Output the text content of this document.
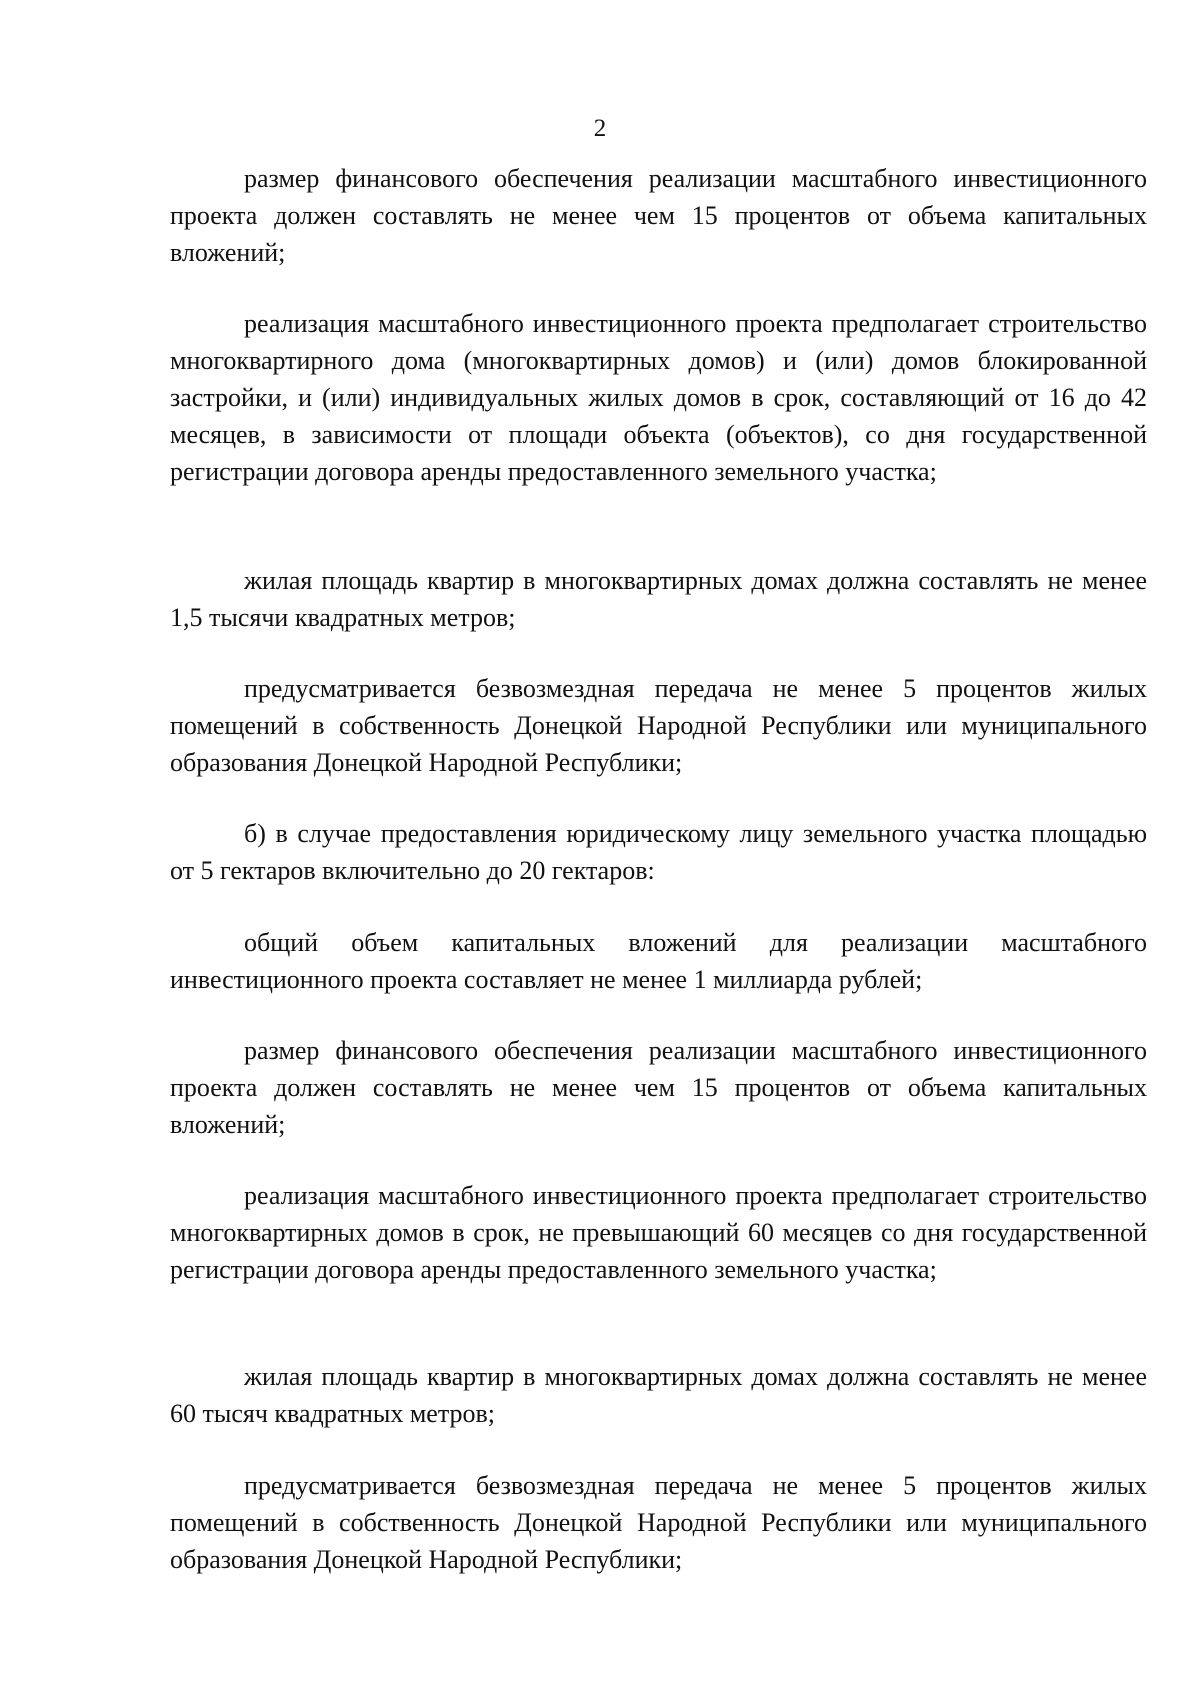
2

размер финансового обеспечения реализации масштабного инвестиционного проекта должен составлять не менее чем 15 процентов от объема капитальных вложений;

реализация масштабного инвестиционного проекта предполагает строительство многоквартирного дома (многоквартирных домов) и (или) домов блокированной застройки, и (или) индивидуальных жилых домов в срок, составляющий от 16 до 42 месяцев, в зависимости от площади объекта (объектов), со дня государственной регистрации договора аренды предоставленного земельного участка;

жилая площадь квартир в многоквартирных домах должна составлять не менее 1,5 тысячи квадратных метров;

предусматривается безвозмездная передача не менее 5 процентов жилых помещений в собственность Донецкой Народной Республики или муниципального образования Донецкой Народной Республики;

б) в случае предоставления юридическому лицу земельного участка площадью от 5 гектаров включительно до 20 гектаров:

общий объем капитальных вложений для реализации масштабного инвестиционного проекта составляет не менее 1 миллиарда рублей;

размер финансового обеспечения реализации масштабного инвестиционного проекта должен составлять не менее чем 15 процентов от объема капитальных вложений;

реализация масштабного инвестиционного проекта предполагает строительство многоквартирных домов в срок, не превышающий 60 месяцев со дня государственной регистрации договора аренды предоставленного земельного участка;

жилая площадь квартир в многоквартирных домах должна составлять не менее 60 тысяч квадратных метров;

предусматривается безвозмездная передача не менее 5 процентов жилых помещений в собственность Донецкой Народной Республики или муниципального образования Донецкой Народной Республики;
